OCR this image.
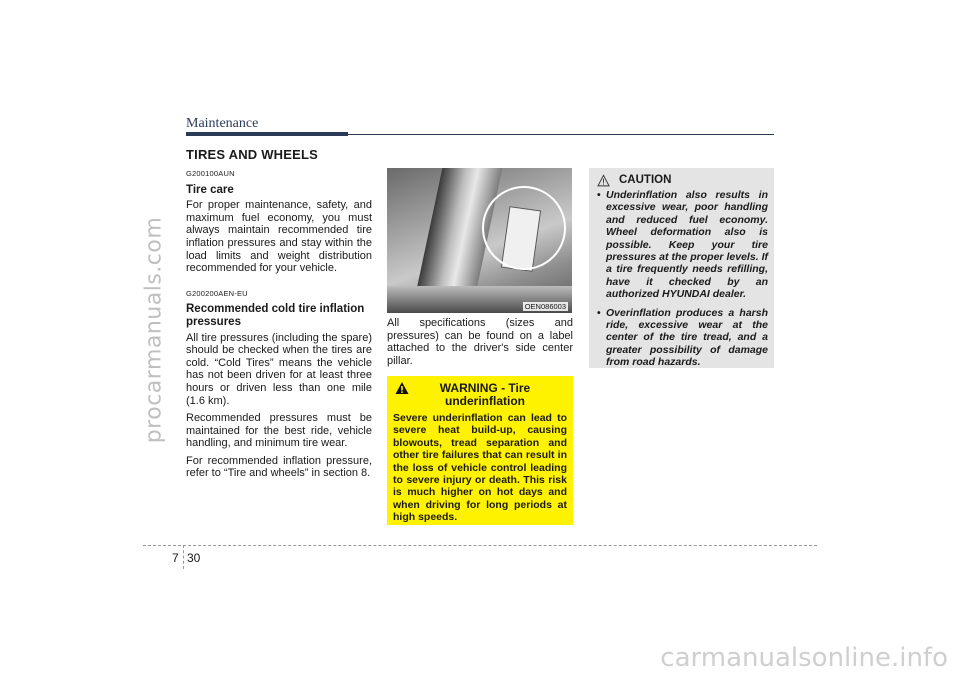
procarmanuals.com
carmanualsonline.info
Maintenance
TIRES AND WHEELS
G200100AUN
Tire care

For proper maintenance, safety, and maximum fuel economy, you must always maintain recommended tire inflation pressures and stay within the load limits and weight distribution recommended for your vehicle.

G200200AEN-EU
Recommended cold tire inflation pressures

All tire pressures (including the spare) should be checked when the tires are cold. “Cold Tires” means the vehicle has not been driven for at least three hours or driven less than one mile (1.6 km).

Recommended pressures must be maintained for the best ride, vehicle handling, and minimum tire wear.

For recommended inflation pressure, refer to “Tire and wheels” in section 8.

OEN086003
All specifications (sizes and pressures) can be found on a label attached to the driver's side center pillar.
WARNING - Tire underinflation
Severe underinflation can lead to severe heat build-up, causing blowouts, tread separation and other tire failures that can result in the loss of vehicle control leading to severe injury or death. This risk is much higher on hot days and when driving for long periods at high speeds.
CAUTION
• Underinflation also results in excessive wear, poor handling and reduced fuel economy. Wheel deformation also is possible. Keep your tire pressures at the proper levels. If a tire frequently needs refilling, have it checked by an authorized HYUNDAI dealer.
• Overinflation produces a harsh ride, excessive wear at the center of the tire tread, and a greater possibility of damage from road hazards.
7 30
